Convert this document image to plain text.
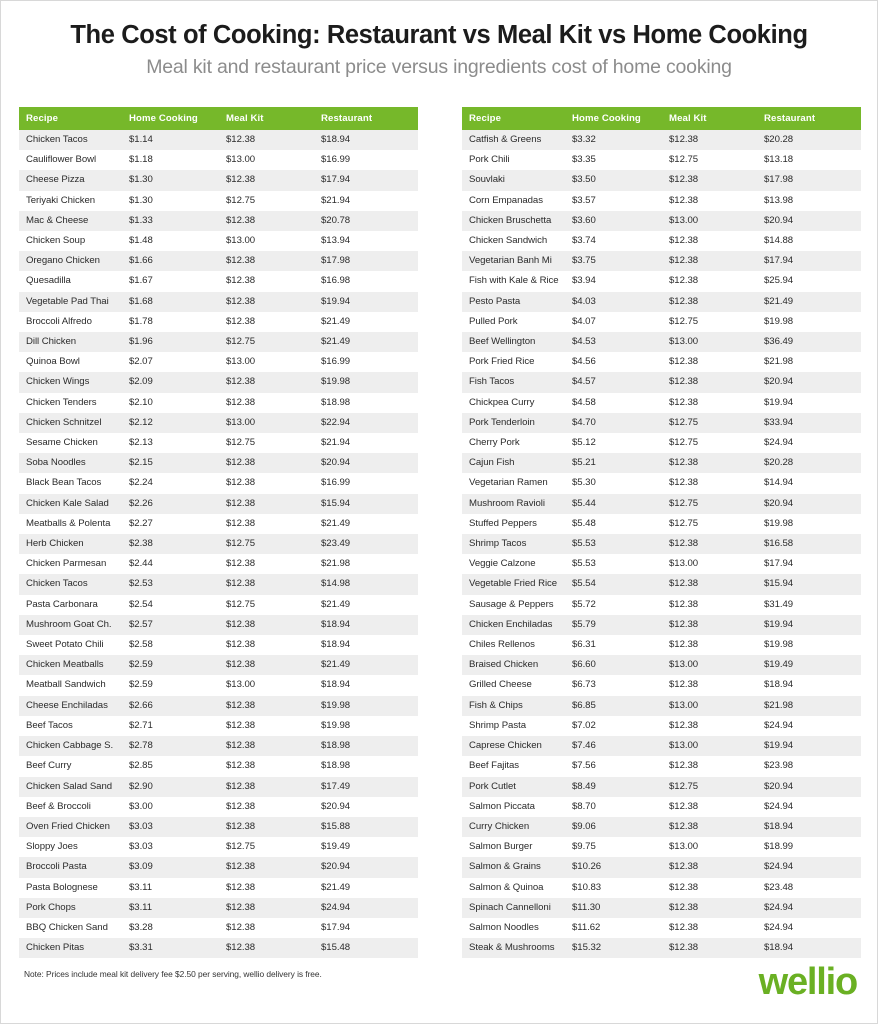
The Cost of Cooking: Restaurant vs Meal Kit vs Home Cooking
Meal kit and restaurant price versus ingredients cost of home cooking
Recipe	Home Cooking	Meal Kit	Restaurant
Chicken Tacos	$1.14	$12.38	$18.94
Cauliflower Bowl	$1.18	$13.00	$16.99
Cheese Pizza	$1.30	$12.38	$17.94
Teriyaki Chicken	$1.30	$12.75	$21.94
Mac & Cheese	$1.33	$12.38	$20.78
Chicken Soup	$1.48	$13.00	$13.94
Oregano Chicken	$1.66	$12.38	$17.98
Quesadilla	$1.67	$12.38	$16.98
Vegetable Pad Thai	$1.68	$12.38	$19.94
Broccoli Alfredo	$1.78	$12.38	$21.49
Dill Chicken	$1.96	$12.75	$21.49
Quinoa Bowl	$2.07	$13.00	$16.99
Chicken Wings	$2.09	$12.38	$19.98
Chicken Tenders	$2.10	$12.38	$18.98
Chicken Schnitzel	$2.12	$13.00	$22.94
Sesame Chicken	$2.13	$12.75	$21.94
Soba Noodles	$2.15	$12.38	$20.94
Black Bean Tacos	$2.24	$12.38	$16.99
Chicken Kale Salad	$2.26	$12.38	$15.94
Meatballs & Polenta	$2.27	$12.38	$21.49
Herb Chicken	$2.38	$12.75	$23.49
Chicken Parmesan	$2.44	$12.38	$21.98
Chicken Tacos	$2.53	$12.38	$14.98
Pasta Carbonara	$2.54	$12.75	$21.49
Mushroom Goat Ch.	$2.57	$12.38	$18.94
Sweet Potato Chili	$2.58	$12.38	$18.94
Chicken Meatballs	$2.59	$12.38	$21.49
Meatball Sandwich	$2.59	$13.00	$18.94
Cheese Enchiladas	$2.66	$12.38	$19.98
Beef Tacos	$2.71	$12.38	$19.98
Chicken Cabbage S.	$2.78	$12.38	$18.98
Beef Curry	$2.85	$12.38	$18.98
Chicken Salad Sand	$2.90	$12.38	$17.49
Beef & Broccoli	$3.00	$12.38	$20.94
Oven Fried Chicken	$3.03	$12.38	$15.88
Sloppy Joes	$3.03	$12.75	$19.49
Broccoli Pasta	$3.09	$12.38	$20.94
Pasta Bolognese	$3.11	$12.38	$21.49
Pork Chops	$3.11	$12.38	$24.94
BBQ Chicken Sand	$3.28	$12.38	$17.94
Chicken Pitas	$3.31	$12.38	$15.48
Recipe	Home Cooking	Meal Kit	Restaurant
Catfish & Greens	$3.32	$12.38	$20.28
Pork Chili	$3.35	$12.75	$13.18
Souvlaki	$3.50	$12.38	$17.98
Corn Empanadas	$3.57	$12.38	$13.98
Chicken Bruschetta	$3.60	$13.00	$20.94
Chicken Sandwich	$3.74	$12.38	$14.88
Vegetarian Banh Mi	$3.75	$12.38	$17.94
Fish with Kale & Rice	$3.94	$12.38	$25.94
Pesto Pasta	$4.03	$12.38	$21.49
Pulled Pork	$4.07	$12.75	$19.98
Beef Wellington	$4.53	$13.00	$36.49
Pork Fried Rice	$4.56	$12.38	$21.98
Fish Tacos	$4.57	$12.38	$20.94
Chickpea Curry	$4.58	$12.38	$19.94
Pork Tenderloin	$4.70	$12.75	$33.94
Cherry Pork	$5.12	$12.75	$24.94
Cajun Fish	$5.21	$12.38	$20.28
Vegetarian Ramen	$5.30	$12.38	$14.94
Mushroom Ravioli	$5.44	$12.75	$20.94
Stuffed Peppers	$5.48	$12.75	$19.98
Shrimp Tacos	$5.53	$12.38	$16.58
Veggie Calzone	$5.53	$13.00	$17.94
Vegetable Fried Rice	$5.54	$12.38	$15.94
Sausage & Peppers	$5.72	$12.38	$31.49
Chicken Enchiladas	$5.79	$12.38	$19.94
Chiles Rellenos	$6.31	$12.38	$19.98
Braised Chicken	$6.60	$13.00	$19.49
Grilled Cheese	$6.73	$12.38	$18.94
Fish & Chips	$6.85	$13.00	$21.98
Shrimp Pasta	$7.02	$12.38	$24.94
Caprese Chicken	$7.46	$13.00	$19.94
Beef Fajitas	$7.56	$12.38	$23.98
Pork Cutlet	$8.49	$12.75	$20.94
Salmon Piccata	$8.70	$12.38	$24.94
Curry Chicken	$9.06	$12.38	$18.94
Salmon Burger	$9.75	$13.00	$18.99
Salmon & Grains	$10.26	$12.38	$24.94
Salmon & Quinoa	$10.83	$12.38	$23.48
Spinach Cannelloni	$11.30	$12.38	$24.94
Salmon Noodles	$11.62	$12.38	$24.94
Steak & Mushrooms	$15.32	$12.38	$18.94
Note: Prices include meal kit delivery fee $2.50 per serving, wellio delivery is free.	wellio
